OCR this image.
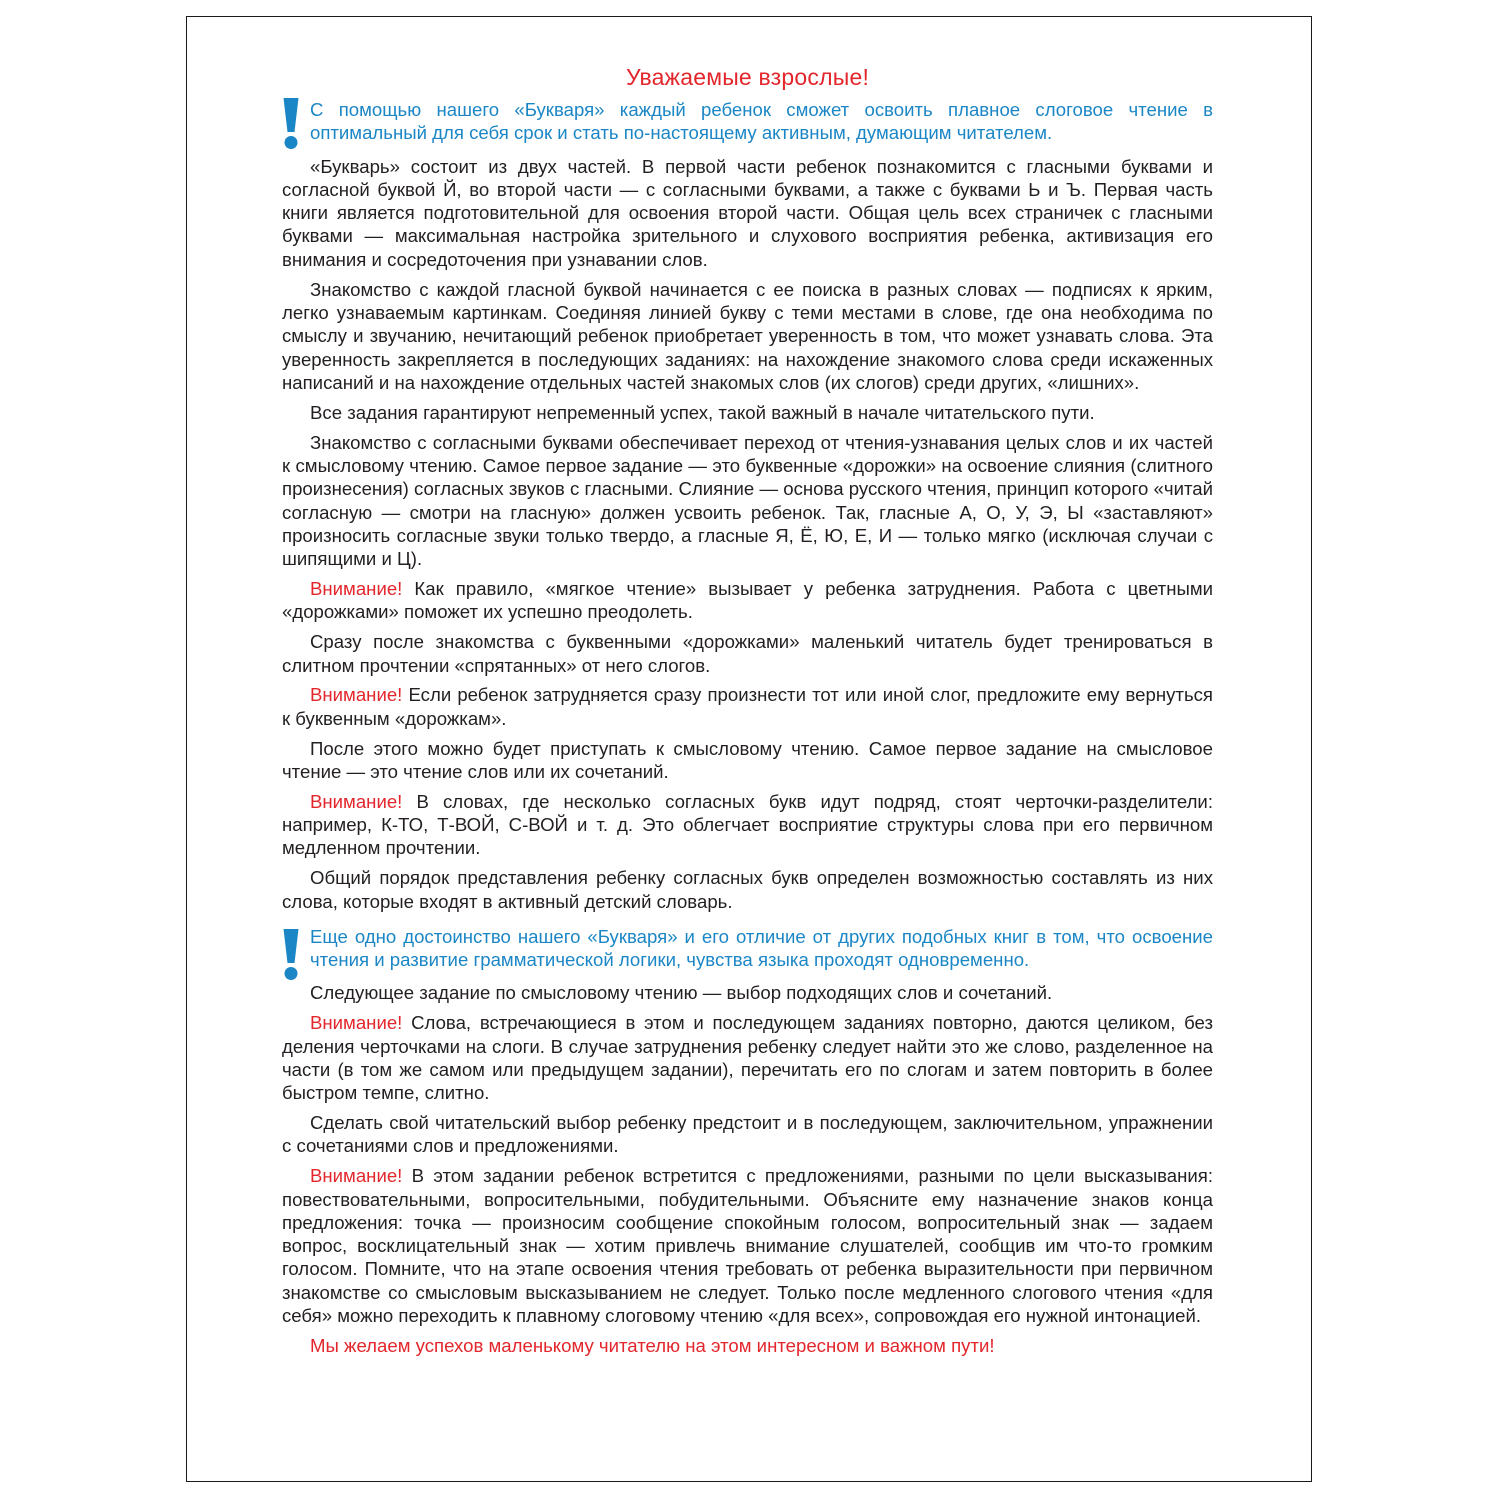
Уважаемые взрослые!
С помощью нашего «Букваря» каждый ребенок сможет освоить плавное слоговое чтение в оптимальный для себя срок и стать по-настоящему активным, думающим читателем.

«Букварь» состоит из двух частей. В первой части ребенок познакомится с гласными буквами и согласной буквой Й, во второй части — с согласными буквами, а также с буквами Ь и Ъ. Первая часть книги является подготовительной для освоения второй части. Общая цель всех страничек с гласными буквами — максимальная настройка зрительного и слухового восприятия ребенка, активизация его внимания и сосредоточения при узнавании слов.

Знакомство с каждой гласной буквой начинается с ее поиска в разных словах — подписях к ярким, легко узнаваемым картинкам. Соединяя линией букву с теми местами в слове, где она необходима по смыслу и звучанию, нечитающий ребенок приобретает уверенность в том, что может узнавать слова. Эта уверенность закрепляется в последующих заданиях: на нахождение знакомого слова среди искаженных написаний и на нахождение отдельных частей знакомых слов (их слогов) среди других, «лишних».

Все задания гарантируют непременный успех, такой важный в начале читательского пути.

Знакомство с согласными буквами обеспечивает переход от чтения-узнавания целых слов и их частей к смысловому чтению. Самое первое задание — это буквенные «дорожки» на освоение слияния (слитного произнесения) согласных звуков с гласными. Слияние — основа русского чтения, принцип которого «читай согласную — смотри на гласную» должен усвоить ребенок. Так, гласные А, О, У, Э, Ы «заставляют» произносить согласные звуки только твердо, а гласные Я, Ё, Ю, Е, И — только мягко (исключая случаи с шипящими и Ц).

Внимание! Как правило, «мягкое чтение» вызывает у ребенка затруднения. Работа с цветными «дорожками» поможет их успешно преодолеть.

Сразу после знакомства с буквенными «дорожками» маленький читатель будет тренироваться в слитном прочтении «спрятанных» от него слогов.

Внимание! Если ребенок затрудняется сразу произнести тот или иной слог, предложите ему вернуться к буквенным «дорожкам».

После этого можно будет приступать к смысловому чтению. Самое первое задание на смысловое чтение — это чтение слов или их сочетаний.

Внимание! В словах, где несколько согласных букв идут подряд, стоят черточки-разделители: например, К-ТО, Т-ВОЙ, С-ВОЙ и т. д. Это облегчает восприятие структуры слова при его первичном медленном прочтении.

Общий порядок представления ребенку согласных букв определен возможностью составлять из них слова, которые входят в активный детский словарь.

Еще одно достоинство нашего «Букваря» и его отличие от других подобных книг в том, что освоение чтения и развитие грамматической логики, чувства языка проходят одновременно.

Следующее задание по смысловому чтению — выбор подходящих слов и сочетаний.

Внимание! Слова, встречающиеся в этом и последующем заданиях повторно, даются целиком, без деления черточками на слоги. В случае затруднения ребенку следует найти это же слово, разделенное на части (в том же самом или предыдущем задании), перечитать его по слогам и затем повторить в более быстром темпе, слитно.

Сделать свой читательский выбор ребенку предстоит и в последующем, заключительном, упражнении с сочетаниями слов и предложениями.

Внимание! В этом задании ребенок встретится с предложениями, разными по цели высказывания: повествовательными, вопросительными, побудительными. Объясните ему назначение знаков конца предложения: точка — произносим сообщение спокойным голосом, вопросительный знак — задаем вопрос, восклицательный знак — хотим привлечь внимание слушателей, сообщив им что-то громким голосом. Помните, что на этапе освоения чтения требовать от ребенка выразительности при первичном знакомстве со смысловым высказыванием не следует. Только после медленного слогового чтения «для себя» можно переходить к плавному слоговому чтению «для всех», сопровождая его нужной интонацией.

Мы желаем успехов маленькому читателю на этом интересном и важном пути!
